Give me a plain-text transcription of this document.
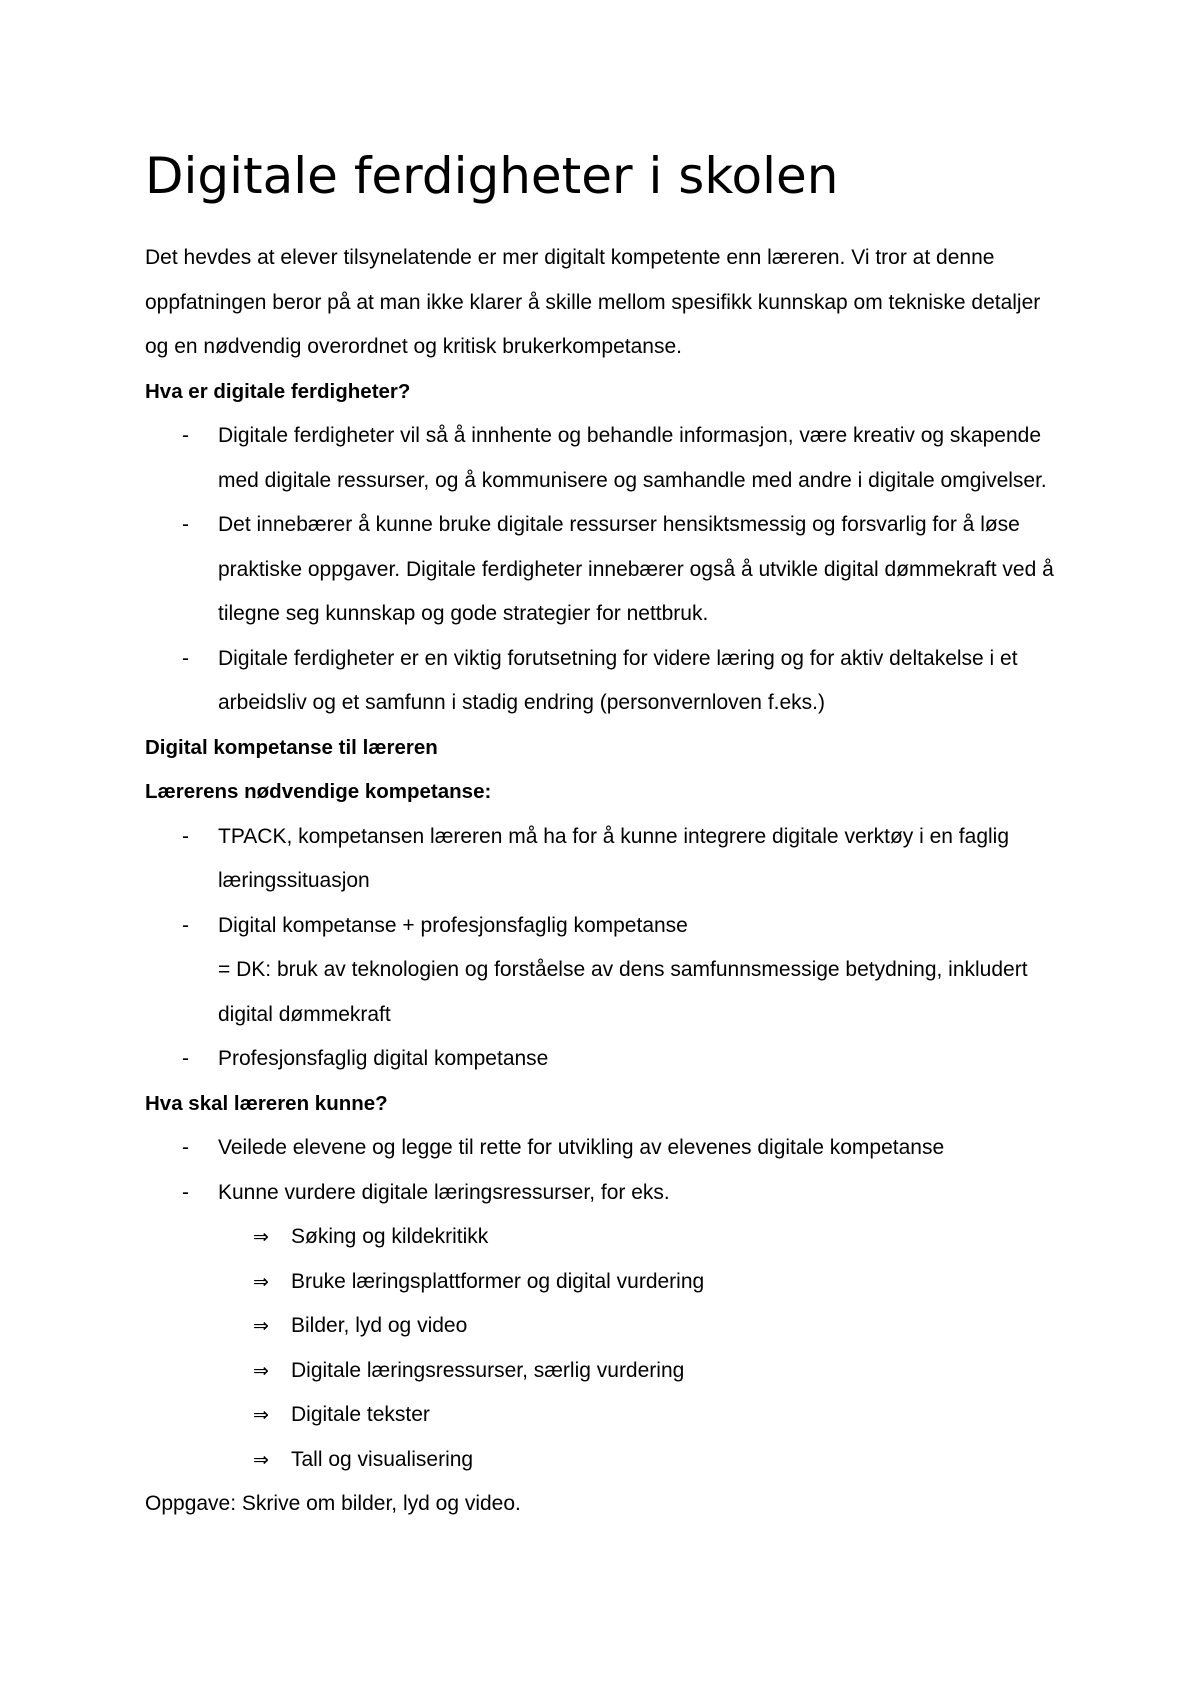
Digitale ferdigheter i skolen

Det hevdes at elever tilsynelatende er mer digitalt kompetente enn læreren. Vi tror at denne oppfatningen beror på at man ikke klarer å skille mellom spesifikk kunnskap om tekniske detaljer og en nødvendig overordnet og kritisk brukerkompetanse.

Hva er digitale ferdigheter?

- Digitale ferdigheter vil så å innhente og behandle informasjon, være kreativ og skapende med digitale ressurser, og å kommunisere og samhandle med andre i digitale omgivelser.
- Det innebærer å kunne bruke digitale ressurser hensiktsmessig og forsvarlig for å løse praktiske oppgaver. Digitale ferdigheter innebærer også å utvikle digital dømmekraft ved å tilegne seg kunnskap og gode strategier for nettbruk.
- Digitale ferdigheter er en viktig forutsetning for videre læring og for aktiv deltakelse i et arbeidsliv og et samfunn i stadig endring (personvernloven f.eks.)

Digital kompetanse til læreren

Lærerens nødvendige kompetanse:

- TPACK, kompetansen læreren må ha for å kunne integrere digitale verktøy i en faglig læringssituasjon
- Digital kompetanse + profesjonsfaglig kompetanse
= DK: bruk av teknologien og forståelse av dens samfunnsmessige betydning, inkludert digital dømmekraft
- Profesjonsfaglig digital kompetanse

Hva skal læreren kunne?

- Veilede elevene og legge til rette for utvikling av elevenes digitale kompetanse
- Kunne vurdere digitale læringsressurser, for eks.
⇒ Søking og kildekritikk
⇒ Bruke læringsplattformer og digital vurdering
⇒ Bilder, lyd og video
⇒ Digitale læringsressurser, særlig vurdering
⇒ Digitale tekster
⇒ Tall og visualisering

Oppgave: Skrive om bilder, lyd og video.
